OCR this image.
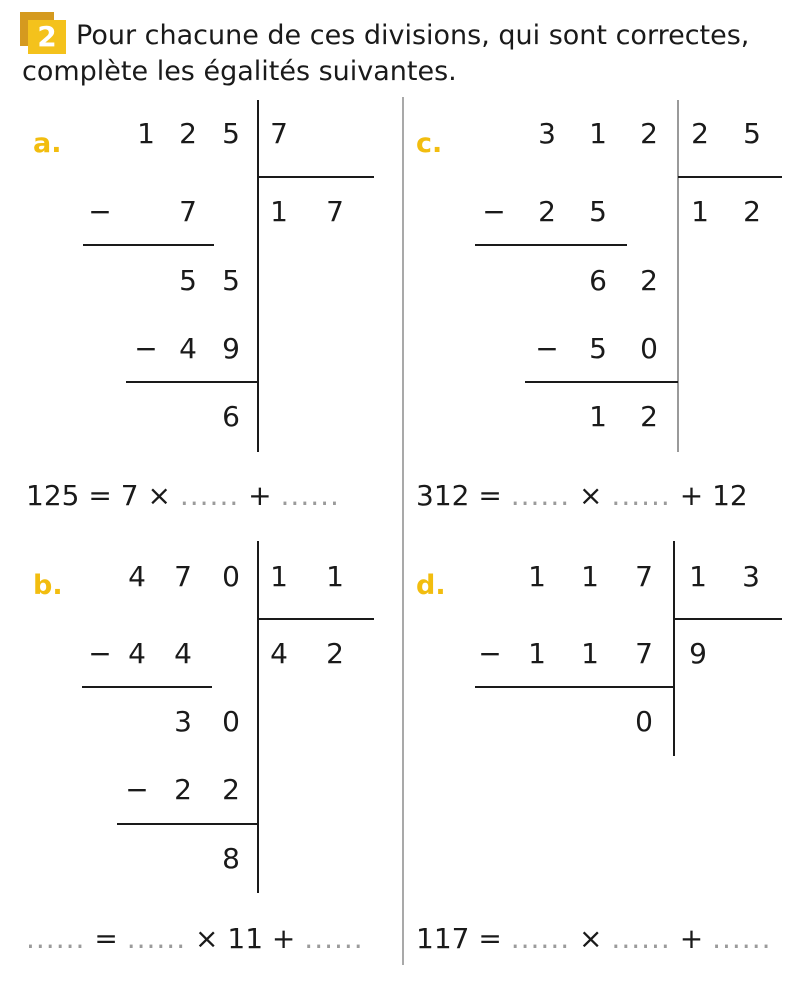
2 Pour chacune de ces divisions, qui sont correctes,
complète les égalités suivantes.
a.	1 2 5 7
1 7
− 7
5 5
− 4 9
6
125 = 7 × ...... + ......
b. 4 7 0 1 1
4 2
− 4 4
3 0
− 2 2
8
...... = ...... × 11 + ......
c.	3 1 2 2 5
1 2
− 2 5
6 2
− 5 0
1 2
312 = ...... × ...... + 12
d.	1 1 7 1 3
9
− 1 1 7
0
117 = ...... × ...... + ......
